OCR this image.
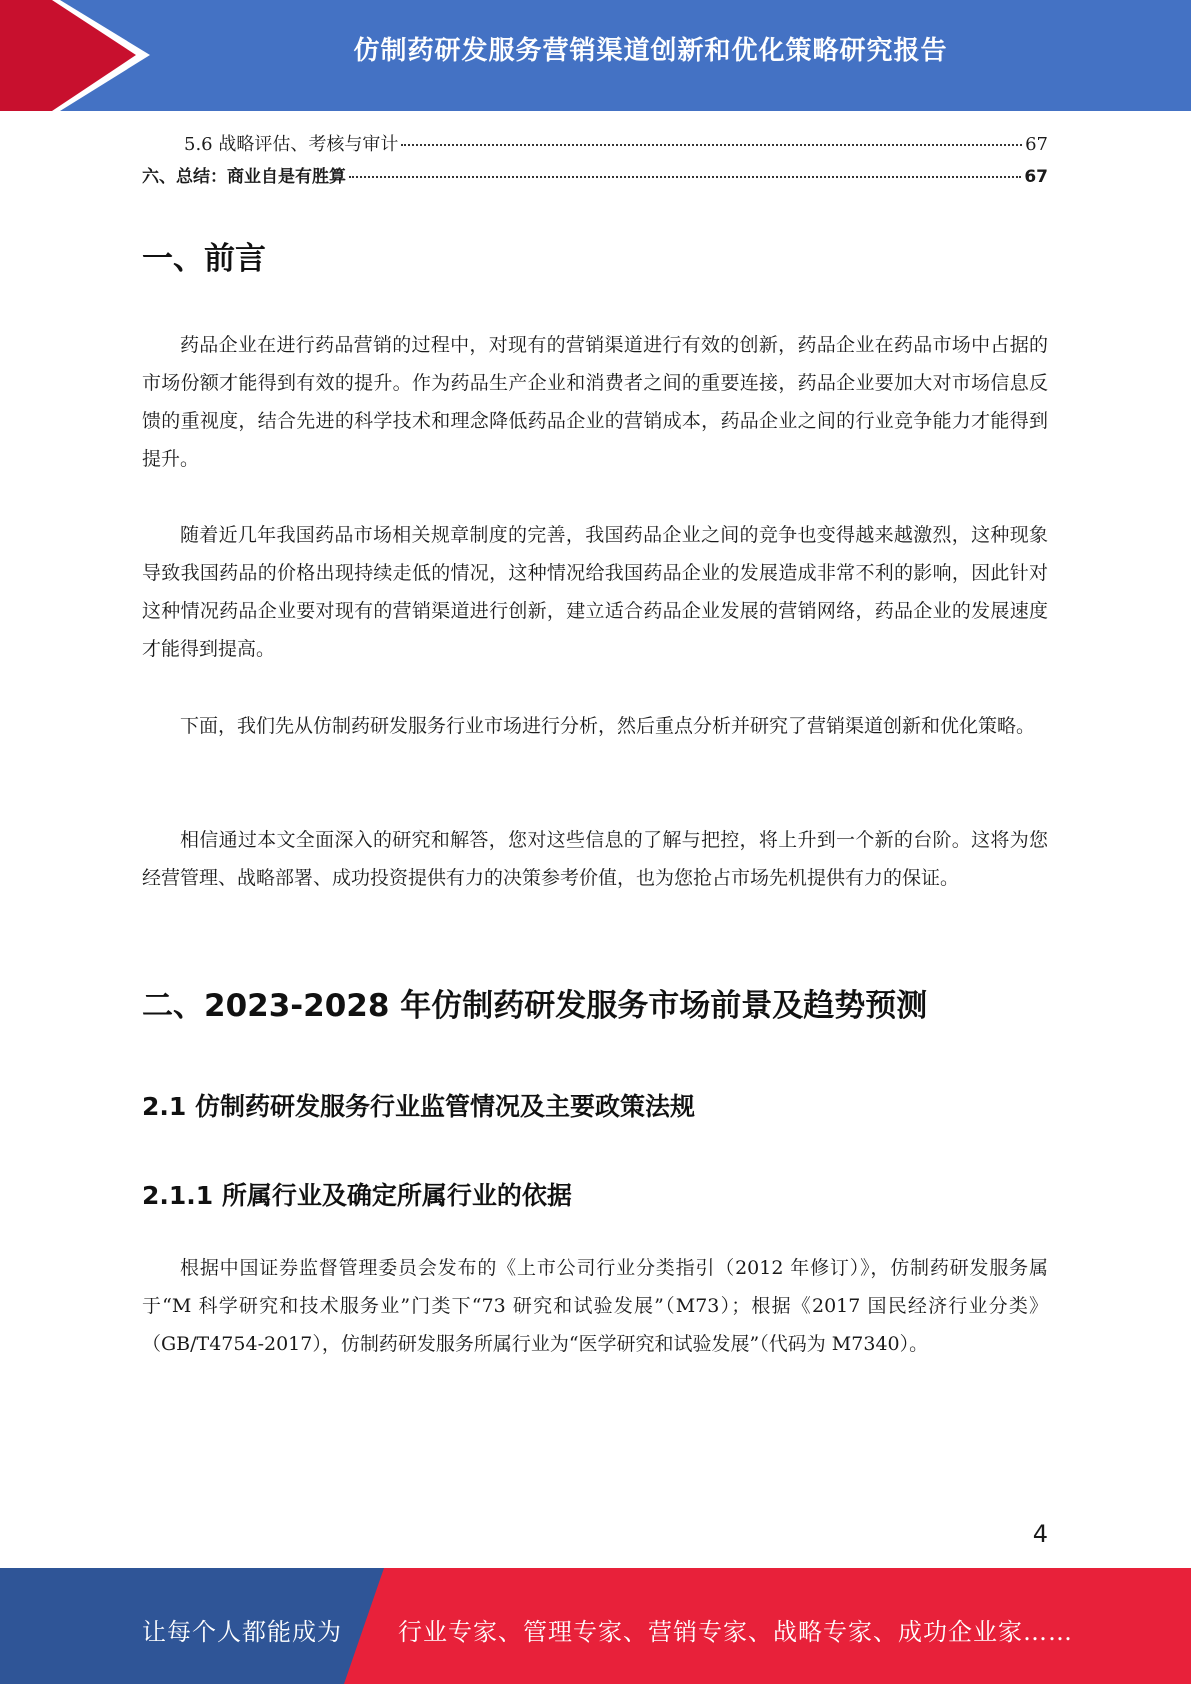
仿制药研发服务营销渠道创新和优化策略研究报告
5.6 战略评估、考核与审计	67
六、总结：商业自是有胜算	67
一、前言

药品企业在进行药品营销的过程中，对现有的营销渠道进行有效的创新，药品企业在药品市场中占据的市场份额才能得到有效的提升。作为药品生产企业和消费者之间的重要连接，药品企业要加大对市场信息反馈的重视度，结合先进的科学技术和理念降低药品企业的营销成本，药品企业之间的行业竞争能力才能得到提升。

随着近几年我国药品市场相关规章制度的完善，我国药品企业之间的竞争也变得越来越激烈，这种现象导致我国药品的价格出现持续走低的情况，这种情况给我国药品企业的发展造成非常不利的影响，因此针对这种情况药品企业要对现有的营销渠道进行创新，建立适合药品企业发展的营销网络，药品企业的发展速度才能得到提高。

下面，我们先从仿制药研发服务行业市场进行分析，然后重点分析并研究了营销渠道创新和优化策略。

相信通过本文全面深入的研究和解答，您对这些信息的了解与把控，将上升到一个新的台阶。这将为您经营管理、战略部署、成功投资提供有力的决策参考价值，也为您抢占市场先机提供有力的保证。

二、2023-2028 年仿制药研发服务市场前景及趋势预测
2.1 仿制药研发服务行业监管情况及主要政策法规
2.1.1 所属行业及确定所属行业的依据

根据中国证券监督管理委员会发布的《上市公司行业分类指引（2012 年修订）》，仿制药研发服务属于“M 科学研究和技术服务业”门类下“73 研究和试验发展”（M73）；根据《2017 国民经济行业分类》（GB/T4754-2017），仿制药研发服务所属行业为“医学研究和试验发展”（代码为 M7340）。

4
让每个人都能成为 行业专家、管理专家、营销专家、战略专家、成功企业家……
